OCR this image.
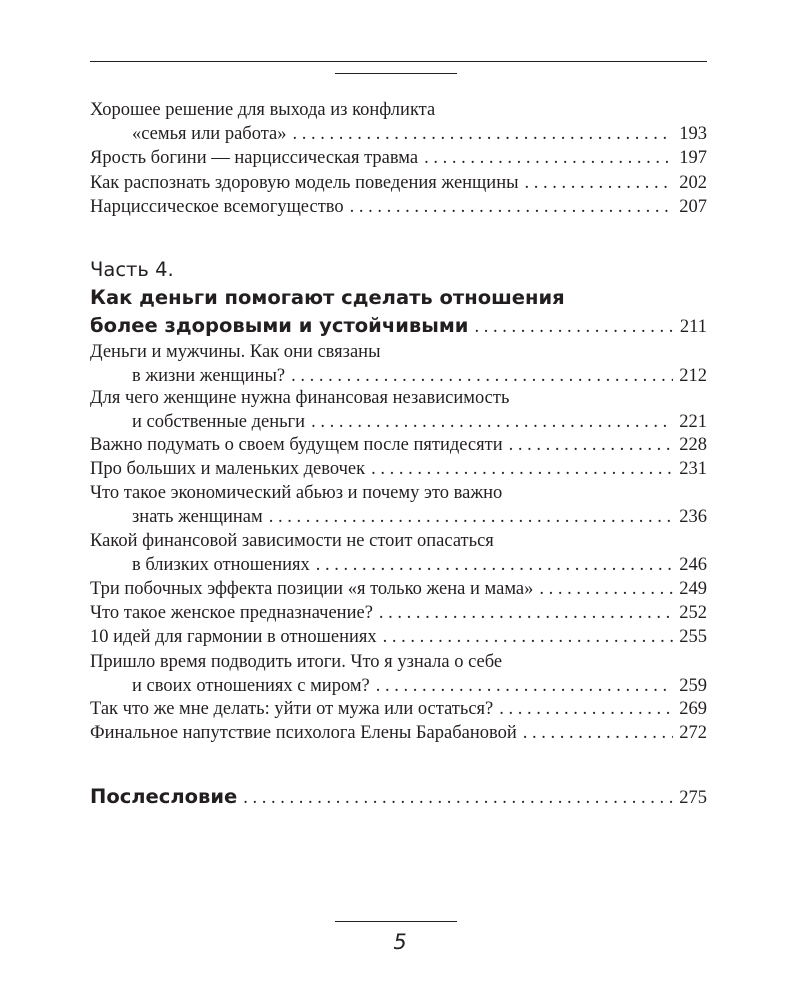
Хорошее решение для выхода из конфликта
«семья или работа» . . .	193
Ярость богини — нарциссическая травма . . .	197
Как распознать здоровую модель поведения женщины . . .	202
Нарциссическое всемогущество . . .	207
Часть 4.
Как деньги помогают сделать отношения
более здоровыми и устойчивыми . . .	211
Деньги и мужчины. Как они связаны
в жизни женщины? . . .	212
Для чего женщине нужна финансовая независимость
и собственные деньги . . .	221
Важно подумать о своем будущем после пятидесяти . . .	228
Про больших и маленьких девочек . . .	231
Что такое экономический абьюз и почему это важно
знать женщинам . . .	236
Какой финансовой зависимости не стоит опасаться
в близких отношениях . . .	246
Три побочных эффекта позиции «я только жена и мама» . . .	249
Что такое женское предназначение? . . .	252
10 идей для гармонии в отношениях . . .	255
Пришло время подводить итоги. Что я узнала о себе
и своих отношениях с миром? . . .	259
Так что же мне делать: уйти от мужа или остаться? . . .	269
Финальное напутствие психолога Елены Барабановой . . .	272
Послесловие . . .	275
5
